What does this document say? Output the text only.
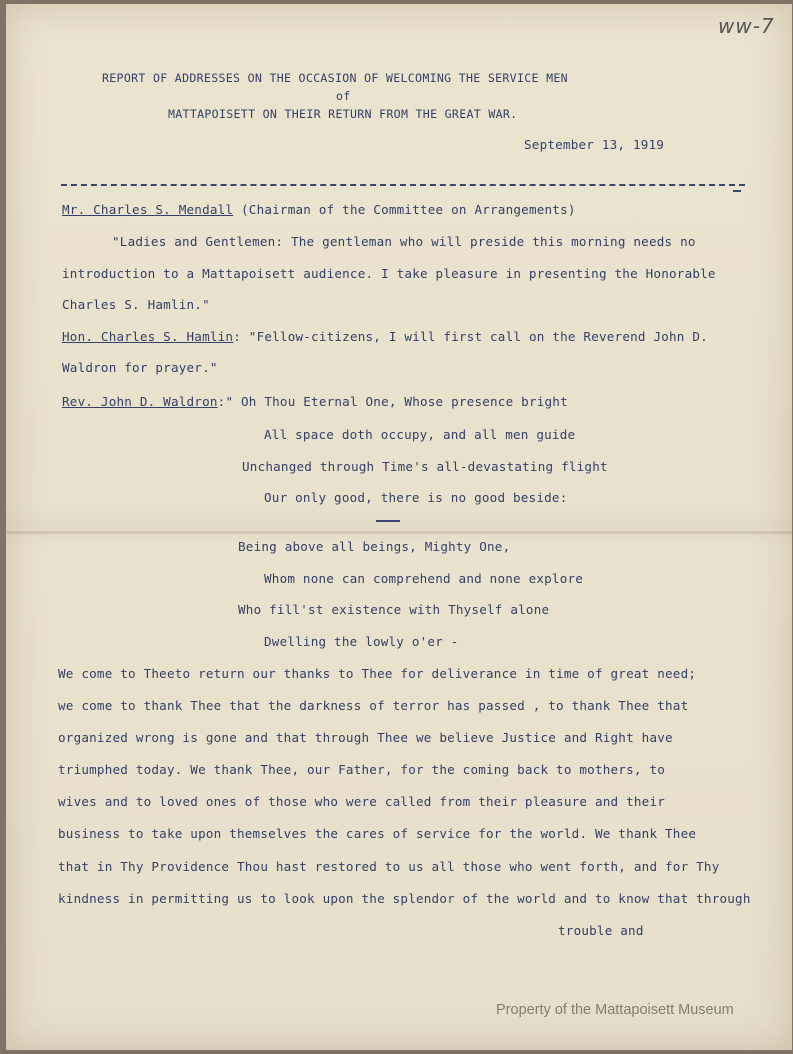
ww-7
REPORT OF ADDRESSES ON THE OCCASION OF WELCOMING THE SERVICE MEN
of
MATTAPOISETT ON THEIR RETURN FROM THE GREAT WAR.
September 13, 1919
Mr. Charles S. Mendall (Chairman of the Committee on Arrangements)
"Ladies and Gentlemen: The gentleman who will preside this morning needs no
introduction to a Mattapoisett audience. I take pleasure in presenting the Honorable
Charles S. Hamlin."
Hon. Charles S. Hamlin: "Fellow-citizens, I will first call on the Reverend John D.
Waldron for prayer."
Rev. John D. Waldron:" Oh Thou Eternal One, Whose presence bright
All space doth occupy, and all men guide
Unchanged through Time's all-devastating flight
Our only good, there is no good beside:
Being above all beings, Mighty One,
Whom none can comprehend and none explore
Who fill'st existence with Thyself alone
Dwelling the lowly o'er -
We come to Theeto return our thanks to Thee for deliverance in time of great need;
we come to thank Thee that the darkness of terror has passed , to thank Thee that
organized wrong is gone and that through Thee we believe Justice and Right have
triumphed today. We thank Thee, our Father, for the coming back to mothers, to
wives and to loved ones of those who were called from their pleasure and their
business to take upon themselves the cares of service for the world. We thank Thee
that in Thy Providence Thou hast restored to us all those who went forth, and for Thy
kindness in permitting us to look upon the splendor of the world and to know that through
trouble and
Property of the Mattapoisett Museum
